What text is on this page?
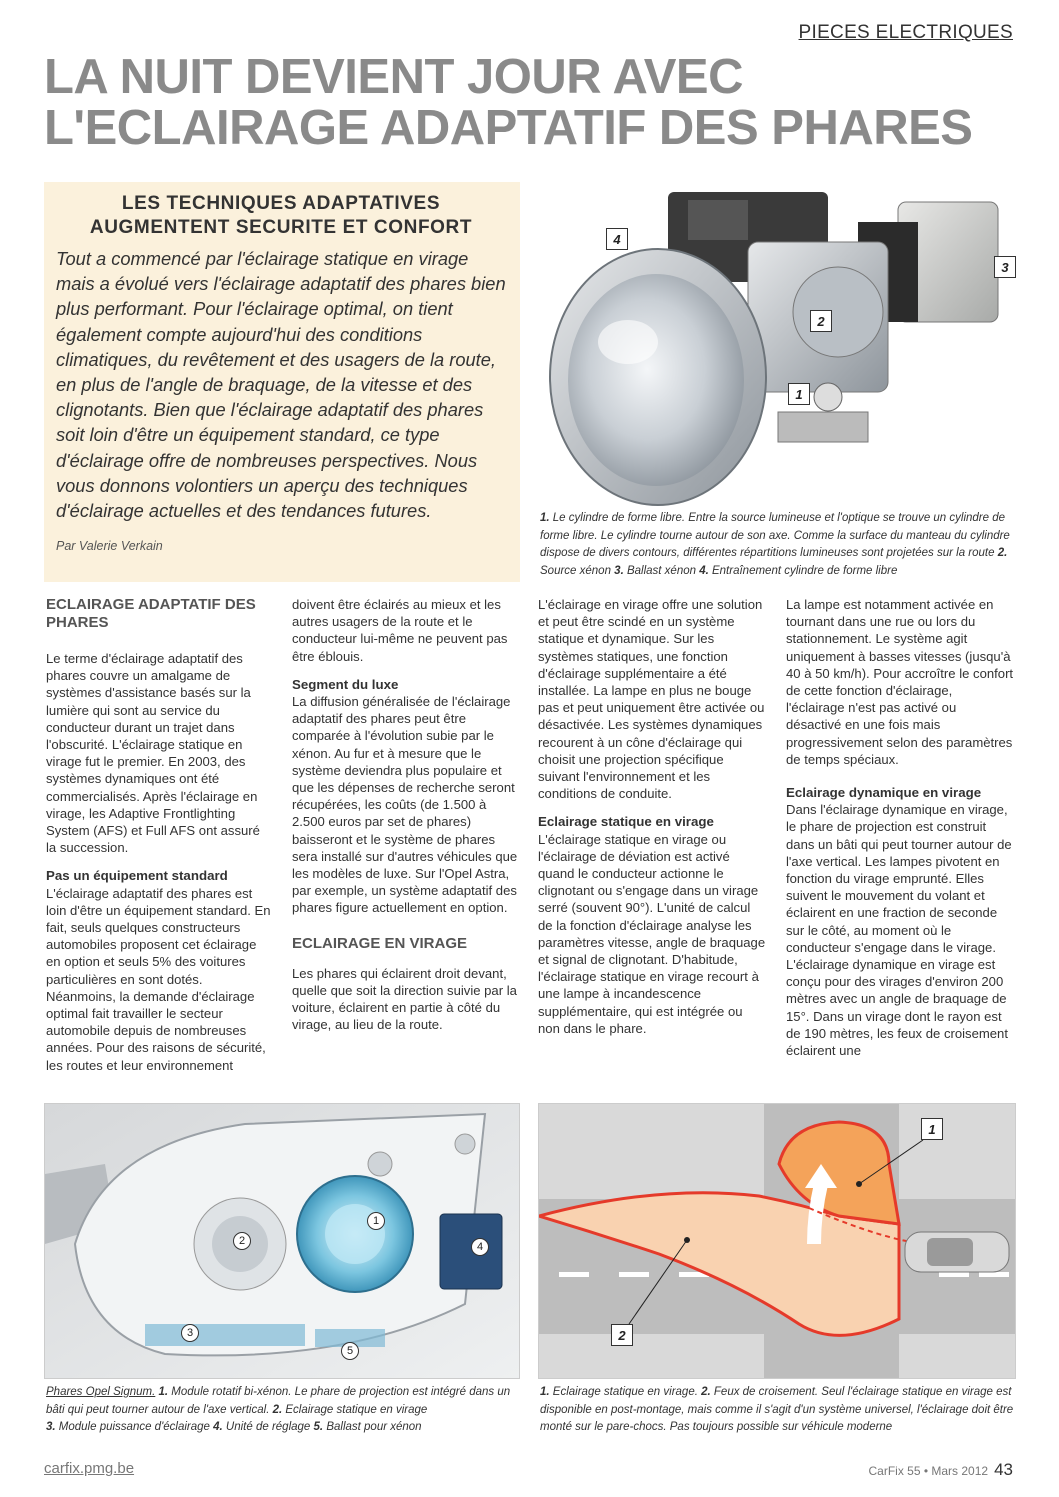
PIECES ELECTRIQUES
LA NUIT DEVIENT JOUR AVEC
L'ECLAIRAGE ADAPTATIF DES PHARES
LES TECHNIQUES ADAPTATIVES
AUGMENTENT SECURITE ET CONFORT

Tout a commencé par l'éclairage statique en virage mais a évolué vers l'éclairage adaptatif des phares bien plus performant. Pour l'éclairage optimal, on tient également compte aujourd'hui des conditions climatiques, du revêtement et des usagers de la route, en plus de l'angle de braquage, de la vitesse et des clignotants. Bien que l'éclairage adaptatif des phares soit loin d'être un équipement standard, ce type d'éclairage offre de nombreuses perspectives. Nous vous donnons volontiers un aperçu des techniques d'éclairage actuelles et des tendances futures.

Par Valerie Verkain

4
3
2
1
1. Le cylindre de forme libre. Entre la source lumineuse et l'optique se trouve un cylindre de forme libre. Le cylindre tourne autour de son axe. Comme la surface du manteau du cylindre dispose de divers contours, différentes répartitions lumineuses sont projetées sur la route 2. Source xénon 3. Ballast xénon 4. Entraînement cylindre de forme libre
ECLAIRAGE ADAPTATIF DES PHARES

Le terme d'éclairage adaptatif des phares couvre un amalgame de systèmes d'assistance basés sur la lumière qui sont au service du conducteur durant un trajet dans l'obscurité. L'éclairage statique en virage fut le premier. En 2003, des systèmes dynamiques ont été commercialisés. Après l'éclairage en virage, les Adaptive Frontlighting System (AFS) et Full AFS ont assuré la succession.

Pas un équipement standard

L'éclairage adaptatif des phares est loin d'être un équipement standard. En fait, seuls quelques constructeurs automobiles proposent cet éclairage en option et seuls 5% des voitures particulières en sont dotés. Néanmoins, la demande d'éclairage optimal fait travailler le secteur automobile depuis de nombreuses années. Pour des raisons de sécurité, les routes et leur environnement

doivent être éclairés au mieux et les autres usagers de la route et le conducteur lui-même ne peuvent pas être éblouis.

Segment du luxe

La diffusion généralisée de l'éclairage adaptatif des phares peut être comparée à l'évolution subie par le xénon. Au fur et à mesure que le système deviendra plus populaire et que les dépenses de recherche seront récupérées, les coûts (de 1.500 à 2.500 euros par set de phares) baisseront et le système de phares sera installé sur d'autres véhicules que les modèles de luxe. Sur l'Opel Astra, par exemple, un système adaptatif des phares figure actuellement en option.

ECLAIRAGE EN VIRAGE

Les phares qui éclairent droit devant, quelle que soit la direction suivie par la voiture, éclairent en partie à côté du virage, au lieu de la route.

L'éclairage en virage offre une solution et peut être scindé en un système statique et dynamique. Sur les systèmes statiques, une fonction d'éclairage supplémentaire a été installée. La lampe en plus ne bouge pas et peut uniquement être activée ou désactivée. Les systèmes dynamiques recourent à un cône d'éclairage qui choisit une projection spécifique suivant l'environnement et les conditions de conduite.

Eclairage statique en virage

L'éclairage statique en virage ou l'éclairage de déviation est activé quand le conducteur actionne le clignotant ou s'engage dans un virage serré (souvent 90°). L'unité de calcul de la fonction d'éclairage analyse les paramètres vitesse, angle de braquage et signal de clignotant. D'habitude, l'éclairage statique en virage recourt à une lampe à incandescence supplémentaire, qui est intégrée ou non dans le phare.

La lampe est notamment activée en tournant dans une rue ou lors du stationnement. Le système agit uniquement à basses vitesses (jusqu'à 40 à 50 km/h). Pour accroître le confort de cette fonction d'éclairage, l'éclairage n'est pas activé ou désactivé en une fois mais progressivement selon des paramètres de temps spéciaux.

Eclairage dynamique en virage

Dans l'éclairage dynamique en virage, le phare de projection est construit dans un bâti qui peut tourner autour de l'axe vertical. Les lampes pivotent en fonction du virage emprunté. Elles suivent le mouvement du volant et éclairent en une fraction de seconde sur le côté, au moment où le conducteur s'engage dans le virage. L'éclairage dynamique en virage est conçu pour des virages d'environ 200 mètres avec un angle de braquage de 15°. Dans un virage dont le rayon est de 190 mètres, les feux de croisement éclairent une

1
2
3
4
5
Phares Opel Signum. 1. Module rotatif bi-xénon. Le phare de projection est intégré dans un bâti qui peut tourner autour de l'axe vertical. 2. Eclairage statique en virage
3. Module puissance d'éclairage 4. Unité de réglage 5. Ballast pour xénon
1
2
1. Eclairage statique en virage. 2. Feux de croisement. Seul l'éclairage statique en virage est disponible en post-montage, mais comme il s'agit d'un système universel, l'éclairage doit être monté sur le pare-chocs. Pas toujours possible sur véhicule moderne
carfix.pmg.be	CarFix 55 • Mars 2012 43
